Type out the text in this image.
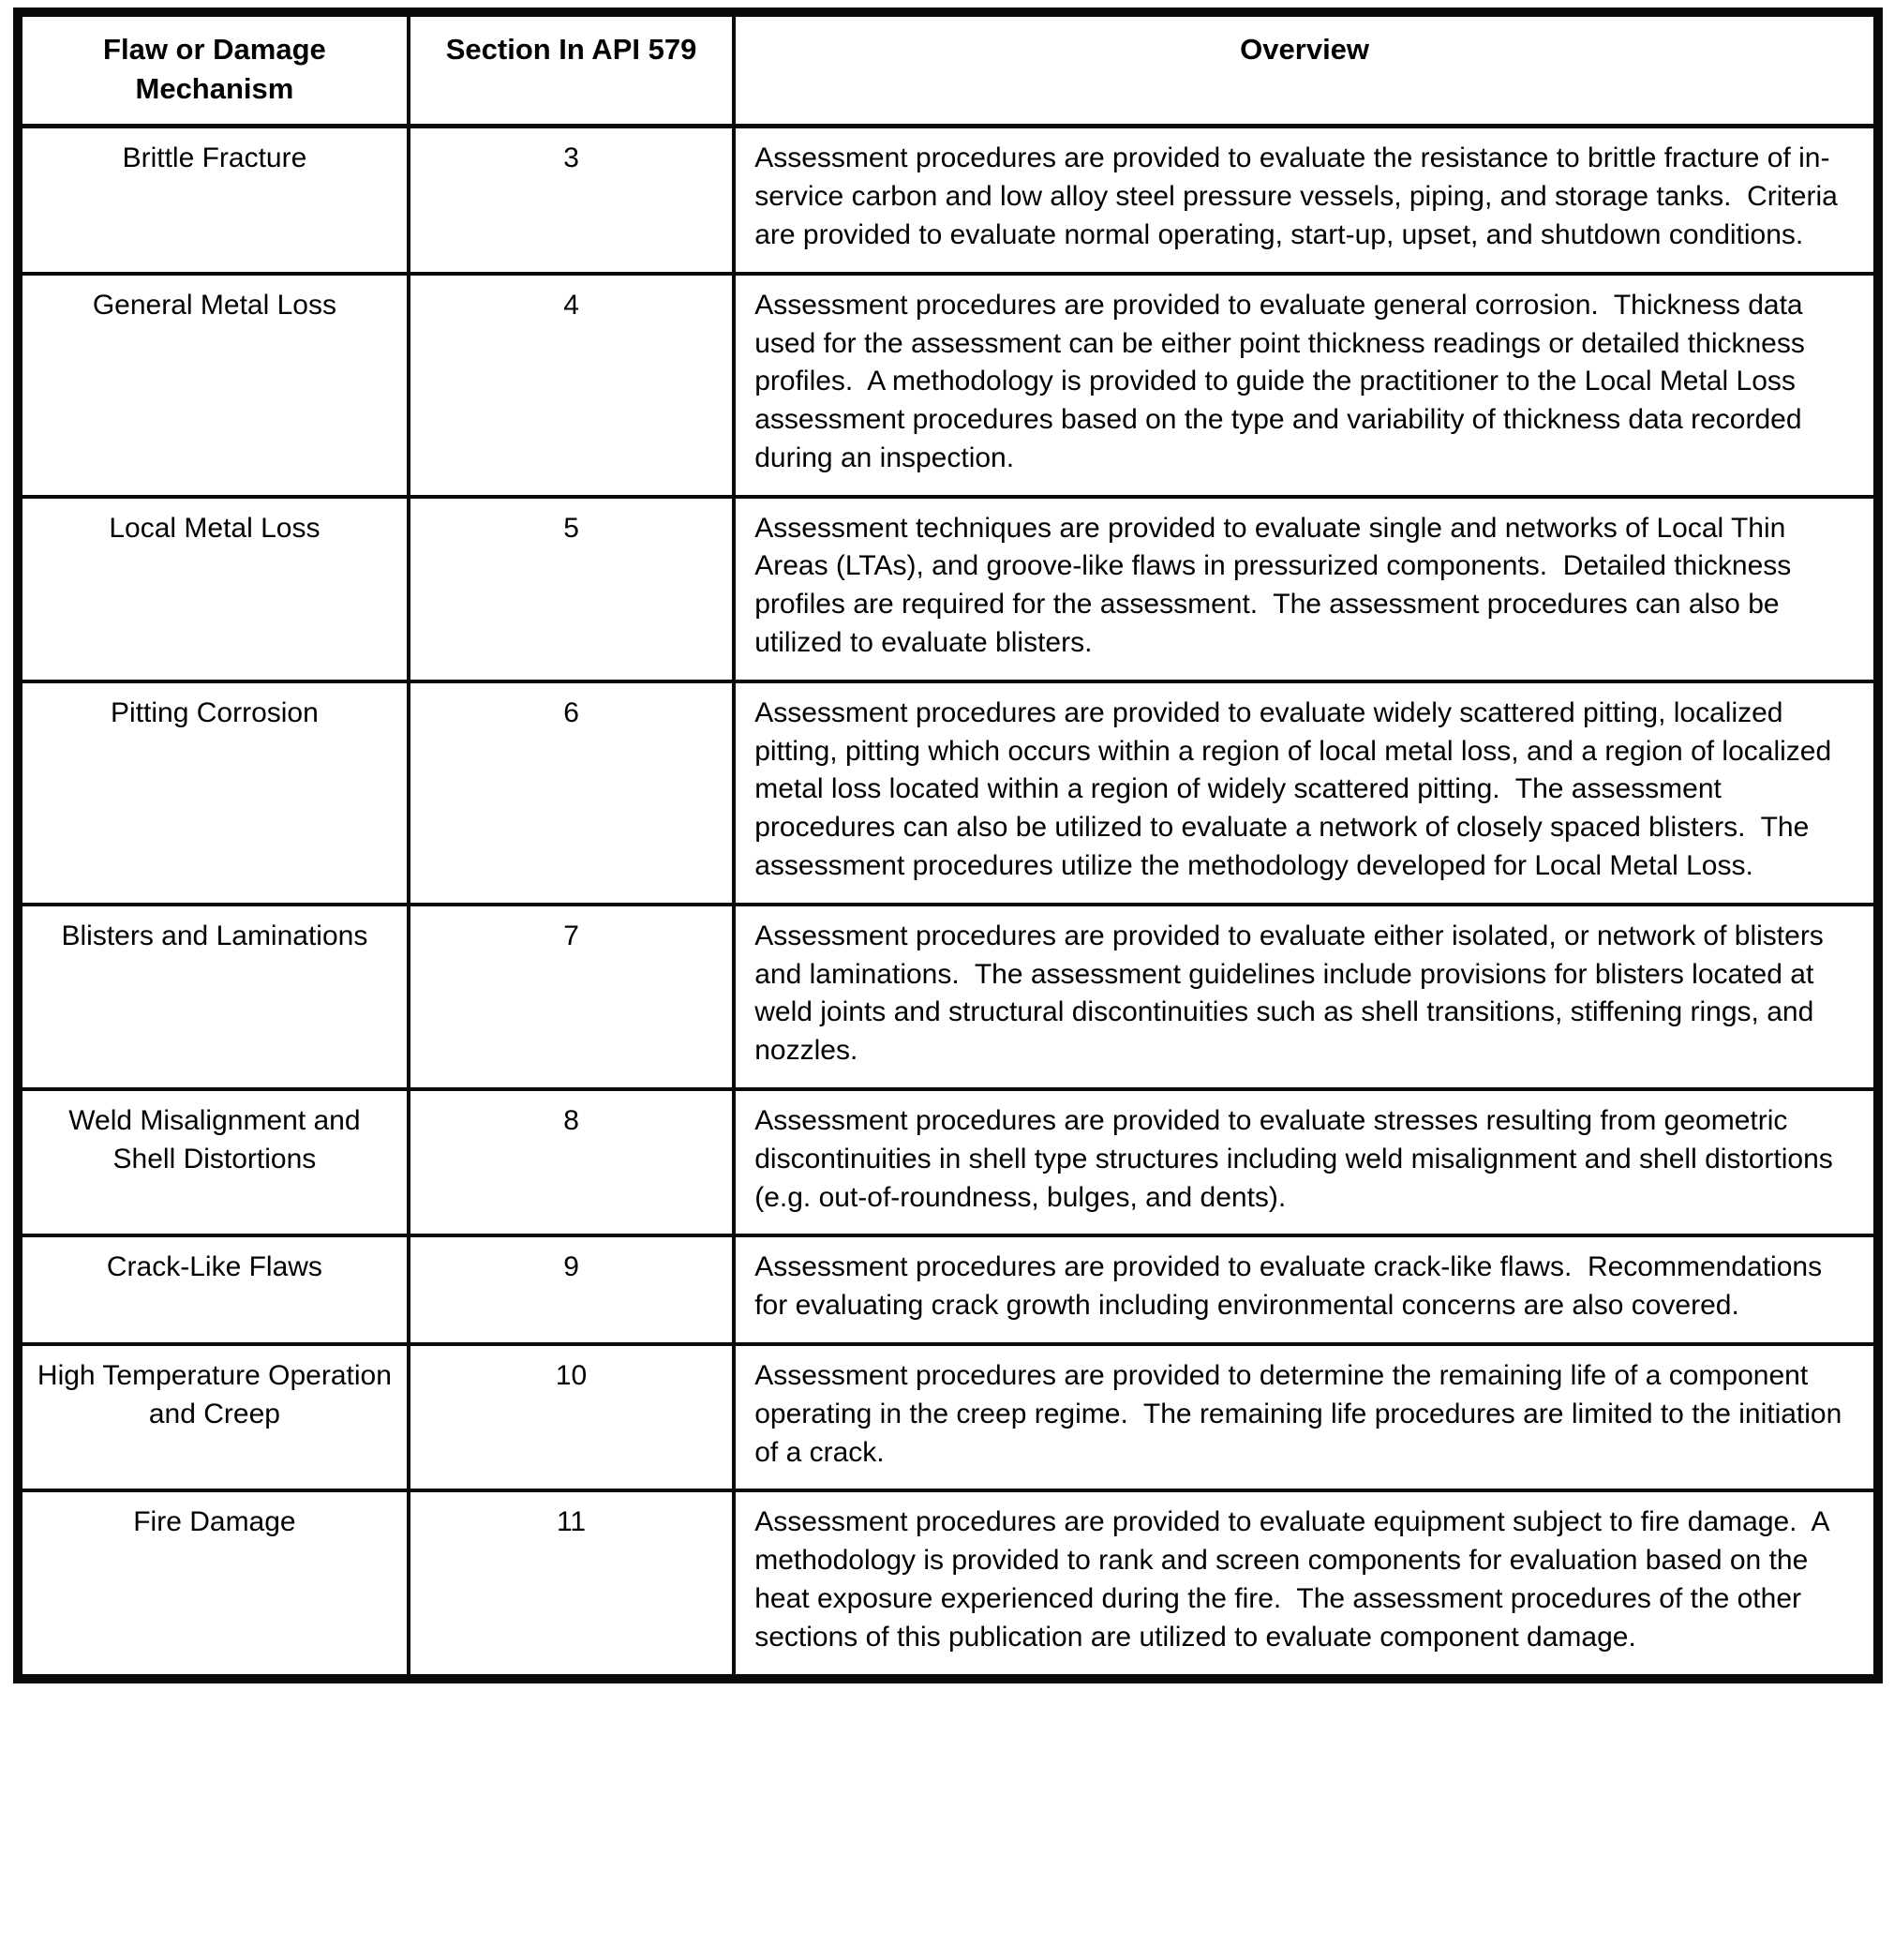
Flaw or Damage Mechanism	Section In API 579	Overview
Brittle Fracture	3	Assessment procedures are provided to evaluate the resistance to brittle fracture of in-service carbon and low alloy steel pressure vessels, piping, and storage tanks.  Criteria are provided to evaluate normal operating, start-up, upset, and shutdown conditions.
General Metal Loss	4	Assessment procedures are provided to evaluate general corrosion.  Thickness data used for the assessment can be either point thickness readings or detailed thickness profiles.  A methodology is provided to guide the practitioner to the Local Metal Loss assessment procedures based on the type and variability of thickness data recorded during an inspection.
Local Metal Loss	5	Assessment techniques are provided to evaluate single and networks of Local Thin Areas (LTAs), and groove-like flaws in pressurized components.  Detailed thickness profiles are required for the assessment.  The assessment procedures can also be utilized to evaluate blisters.
Pitting Corrosion	6	Assessment procedures are provided to evaluate widely scattered pitting, localized pitting, pitting which occurs within a region of local metal loss, and a region of localized metal loss located within a region of widely scattered pitting.  The assessment procedures can also be utilized to evaluate a network of closely spaced blisters.  The assessment procedures utilize the methodology developed for Local Metal Loss.
Blisters and Laminations	7	Assessment procedures are provided to evaluate either isolated, or network of blisters and laminations.  The assessment guidelines include provisions for blisters located at weld joints and structural discontinuities such as shell transitions, stiffening rings, and nozzles.
Weld Misalignment and Shell Distortions	8	Assessment procedures are provided to evaluate stresses resulting from geometric discontinuities in shell type structures including weld misalignment and shell distortions (e.g. out-of-roundness, bulges, and dents).
Crack-Like Flaws	9	Assessment procedures are provided to evaluate crack-like flaws.  Recommendations for evaluating crack growth including environmental concerns are also covered.
High Temperature Operation and Creep	10	Assessment procedures are provided to determine the remaining life of a component operating in the creep regime.  The remaining life procedures are limited to the initiation of a crack.
Fire Damage	11	Assessment procedures are provided to evaluate equipment subject to fire damage.  A methodology is provided to rank and screen components for evaluation based on the heat exposure experienced during the fire.  The assessment procedures of the other sections of this publication are utilized to evaluate component damage.
